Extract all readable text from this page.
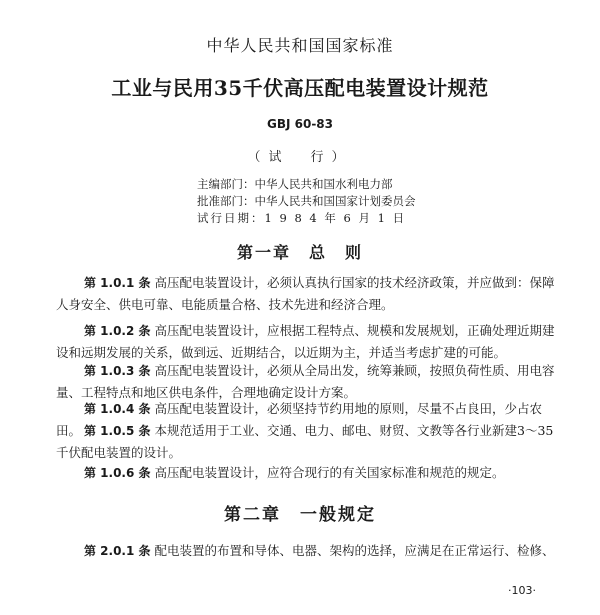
中华人民共和国国家标准
工业与民用35千伏高压配电装置设计规范
GBJ 60-83
（试　行）
主编部门：中华人民共和国水利电力部
批准部门：中华人民共和国国家计划委员会
试行日期：1 9 8 4 年 6 月 1 日
第一章　总　则
第 1.0.1 条 高压配电装置设计，必须认真执行国家的技术经济政策，并应做到：保障人身安全、供电可靠、电能质量合格、技术先进和经济合理。
第 1.0.2 条 高压配电装置设计，应根据工程特点、规模和发展规划，正确处理近期建设和远期发展的关系，做到远、近期结合，以近期为主，并适当考虑扩建的可能。
第 1.0.3 条 高压配电装置设计，必须从全局出发，统筹兼顾，按照负荷性质、用电容量、工程特点和地区供电条件，合理地确定设计方案。
第 1.0.4 条 高压配电装置设计，必须坚持节约用地的原则，尽量不占良田，少占农田。 第 1.0.5 条 本规范适用于工业、交通、电力、邮电、财贸、文教等各行业新建3～35千伏配电装置的设计。
第 1.0.6 条 高压配电装置设计，应符合现行的有关国家标准和规范的规定。
第二章　一般规定
第 2.0.1 条 配电装置的布置和导体、电器、架构的选择，应满足在正常运行、检修、
·103·
